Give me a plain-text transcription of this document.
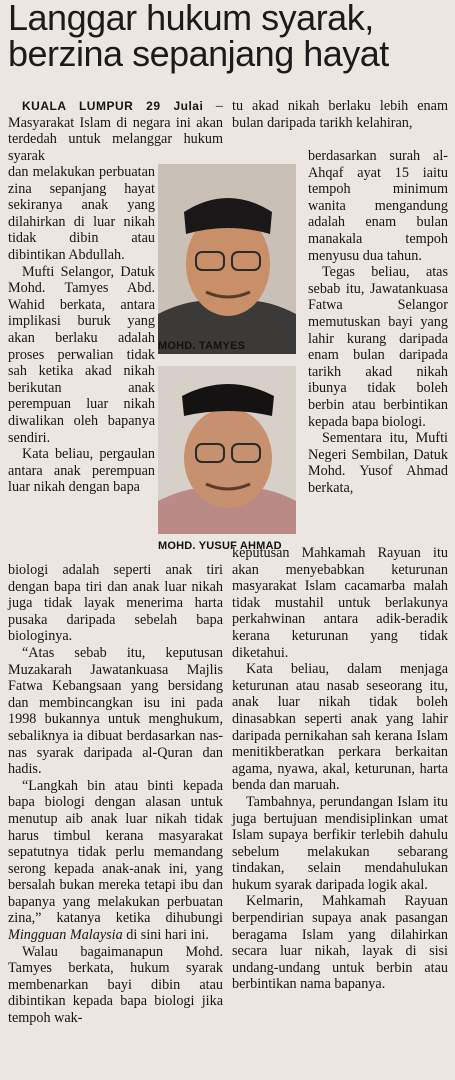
Langgar hukum syarak,
berzina sepanjang hayat

KUALA LUMPUR 29 Julai – Masyarakat Islam di negara ini akan terdedah untuk melanggar hukum syarak

dan melakukan perbuatan zina sepanjang hayat sekiranya anak yang dilahirkan di luar nikah tidak dibin atau dibintikan Abdullah.

Mufti Selangor, Datuk Mohd. Tamyes Abd. Wahid berkata, antara implikasi buruk yang akan berlaku adalah proses perwalian tidak sah ketika akad nikah berikutan anak perempuan luar nikah diwalikan oleh bapanya sendiri.

Kata beliau, pergaulan antara anak perempuan luar nikah dengan bapa

biologi adalah seperti anak tiri dengan bapa tiri dan anak luar nikah juga tidak layak menerima harta pusaka daripada sebelah bapa biologinya.

“Atas sebab itu, keputusan Muzakarah Jawatankuasa Majlis Fatwa Kebangsaan yang bersidang dan membincangkan isu ini pada 1998 bukannya untuk menghukum, sebaliknya ia dibuat berdasarkan nas-nas syarak daripada al-Quran dan hadis.

“Langkah bin atau binti kepada bapa biologi dengan alasan untuk menutup aib anak luar nikah tidak harus timbul kerana masyarakat sepatutnya tidak perlu memandang serong kepada anak-anak ini, yang bersalah bukan mereka tetapi ibu dan bapanya yang melakukan perbuatan zina,” katanya ketika dihubungi Mingguan Malaysia di sini hari ini.

Walau bagaimanapun Mohd. Tamyes berkata, hukum syarak membenarkan bayi dibin atau dibintikan kepada bapa biologi jika tempoh wak-

tu akad nikah berlaku lebih enam bulan daripada tarikh kelahiran,

berdasarkan surah al-Ahqaf ayat 15 iaitu tempoh minimum wanita mengandung adalah enam bulan manakala tempoh menyusu dua tahun.

Tegas beliau, atas sebab itu, Jawatankuasa Fatwa Selangor memutuskan bayi yang lahir kurang daripada enam bulan daripada tarikh akad nikah ibunya tidak boleh berbin atau berbintikan kepada bapa biologi.

Sementara itu, Mufti Negeri Sembilan, Datuk Mohd. Yusof Ahmad berkata,

keputusan Mahkamah Rayuan itu akan menyebabkan keturunan masyarakat Islam cacamarba malah tidak mustahil untuk berlakunya perkahwinan antara adik-beradik kerana keturunan yang tidak diketahui.

Kata beliau, dalam menjaga keturunan atau nasab seseorang itu, anak luar nikah tidak boleh dinasabkan seperti anak yang lahir daripada pernikahan sah kerana Islam menitikberatkan perkara berkaitan agama, nyawa, akal, keturunan, harta benda dan maruah.

Tambahnya, perundangan Islam itu juga bertujuan mendisiplinkan umat Islam supaya berfikir terlebih dahulu sebelum melakukan sebarang tindakan, selain mendahulukan hukum syarak daripada logik akal.

Kelmarin, Mahkamah Rayuan berpendirian supaya anak pasangan beragama Islam yang dilahirkan secara luar nikah, layak di sisi undang-undang untuk berbin atau berbintikan nama bapanya.

MOHD. TAMYES
MOHD. YUSUF AHMAD
